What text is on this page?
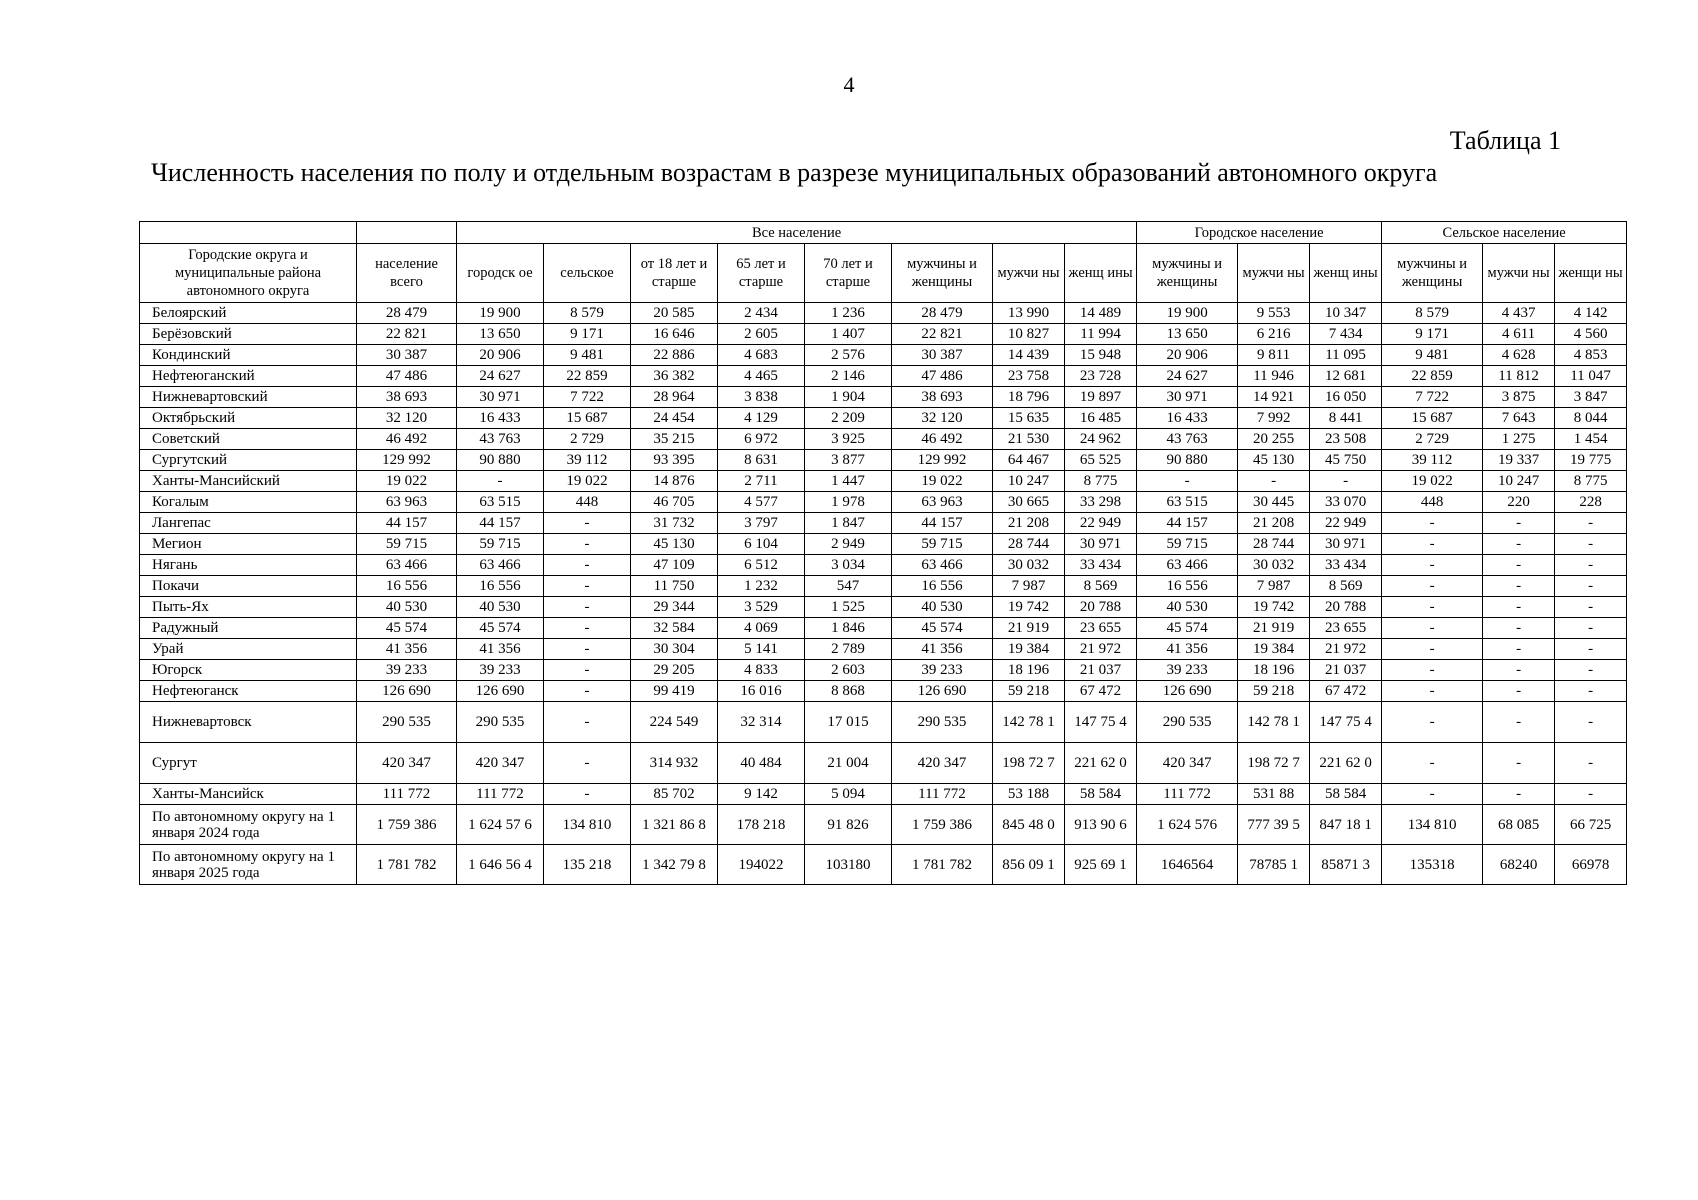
4
Таблица 1
Численность населения по полу и отдельным возрастам в разрезе муниципальных образований автономного округа
		Все население								Городское население			Сельское население		
Городские округа и муниципальные района автономного округа	население всего	городск ое	сельское	от 18 лет и старше	65 лет и старше	70 лет и старше	мужчины и женщины	мужчи ны	женщ ины	мужчины и женщины	мужчи ны	женщ ины	мужчины и женщины	мужчи ны	женщи ны
Белоярский	28 479	19 900	8 579	20 585	2 434	1 236	28 479	13 990	14 489	19 900	9 553	10 347	8 579	4 437	4 142
Берёзовский	22 821	13 650	9 171	16 646	2 605	1 407	22 821	10 827	11 994	13 650	6 216	7 434	9 171	4 611	4 560
Кондинский	30 387	20 906	9 481	22 886	4 683	2 576	30 387	14 439	15 948	20 906	9 811	11 095	9 481	4 628	4 853
Нефтеюганский	47 486	24 627	22 859	36 382	4 465	2 146	47 486	23 758	23 728	24 627	11 946	12 681	22 859	11 812	11 047
Нижневартовский	38 693	30 971	7 722	28 964	3 838	1 904	38 693	18 796	19 897	30 971	14 921	16 050	7 722	3 875	3 847
Октябрьский	32 120	16 433	15 687	24 454	4 129	2 209	32 120	15 635	16 485	16 433	7 992	8 441	15 687	7 643	8 044
Советский	46 492	43 763	2 729	35 215	6 972	3 925	46 492	21 530	24 962	43 763	20 255	23 508	2 729	1 275	1 454
Сургутский	129 992	90 880	39 112	93 395	8 631	3 877	129 992	64 467	65 525	90 880	45 130	45 750	39 112	19 337	19 775
Ханты-Мансийский	19 022	-	19 022	14 876	2 711	1 447	19 022	10 247	8 775	-	-	-	19 022	10 247	8 775
Когалым	63 963	63 515	448	46 705	4 577	1 978	63 963	30 665	33 298	63 515	30 445	33 070	448	220	228
Лангепас	44 157	44 157	-	31 732	3 797	1 847	44 157	21 208	22 949	44 157	21 208	22 949	-	-	-
Мегион	59 715	59 715	-	45 130	6 104	2 949	59 715	28 744	30 971	59 715	28 744	30 971	-	-	-
Нягань	63 466	63 466	-	47 109	6 512	3 034	63 466	30 032	33 434	63 466	30 032	33 434	-	-	-
Покачи	16 556	16 556	-	11 750	1 232	547	16 556	7 987	8 569	16 556	7 987	8 569	-	-	-
Пыть-Ях	40 530	40 530	-	29 344	3 529	1 525	40 530	19 742	20 788	40 530	19 742	20 788	-	-	-
Радужный	45 574	45 574	-	32 584	4 069	1 846	45 574	21 919	23 655	45 574	21 919	23 655	-	-	-
Урай	41 356	41 356	-	30 304	5 141	2 789	41 356	19 384	21 972	41 356	19 384	21 972	-	-	-
Югорск	39 233	39 233	-	29 205	4 833	2 603	39 233	18 196	21 037	39 233	18 196	21 037	-	-	-
Нефтеюганск	126 690	126 690	-	99 419	16 016	8 868	126 690	59 218	67 472	126 690	59 218	67 472	-	-	-
Нижневартовск	290 535	290 535	-	224 549	32 314	17 015	290 535	142 78 1	147 75 4	290 535	142 78 1	147 75 4	-	-	-
Сургут	420 347	420 347	-	314 932	40 484	21 004	420 347	198 72 7	221 62 0	420 347	198 72 7	221 62 0	-	-	-
Ханты-Мансийск	111 772	111 772	-	85 702	9 142	5 094	111 772	53 188	58 584	111 772	531 88	58 584	-	-	-
По автономному округу на 1 января 2024 года	1 759 386	1 624 57 6	134 810	1 321 86 8	178 218	91 826	1 759 386	845 48 0	913 90 6	1 624 576	777 39 5	847 18 1	134 810	68 085	66 725
По автономному округу на 1 января 2025 года	1 781 782	1 646 56 4	135 218	1 342 79 8	194022	103180	1 781 782	856 09 1	925 69 1	1646564	78785 1	85871 3	135318	68240	66978
